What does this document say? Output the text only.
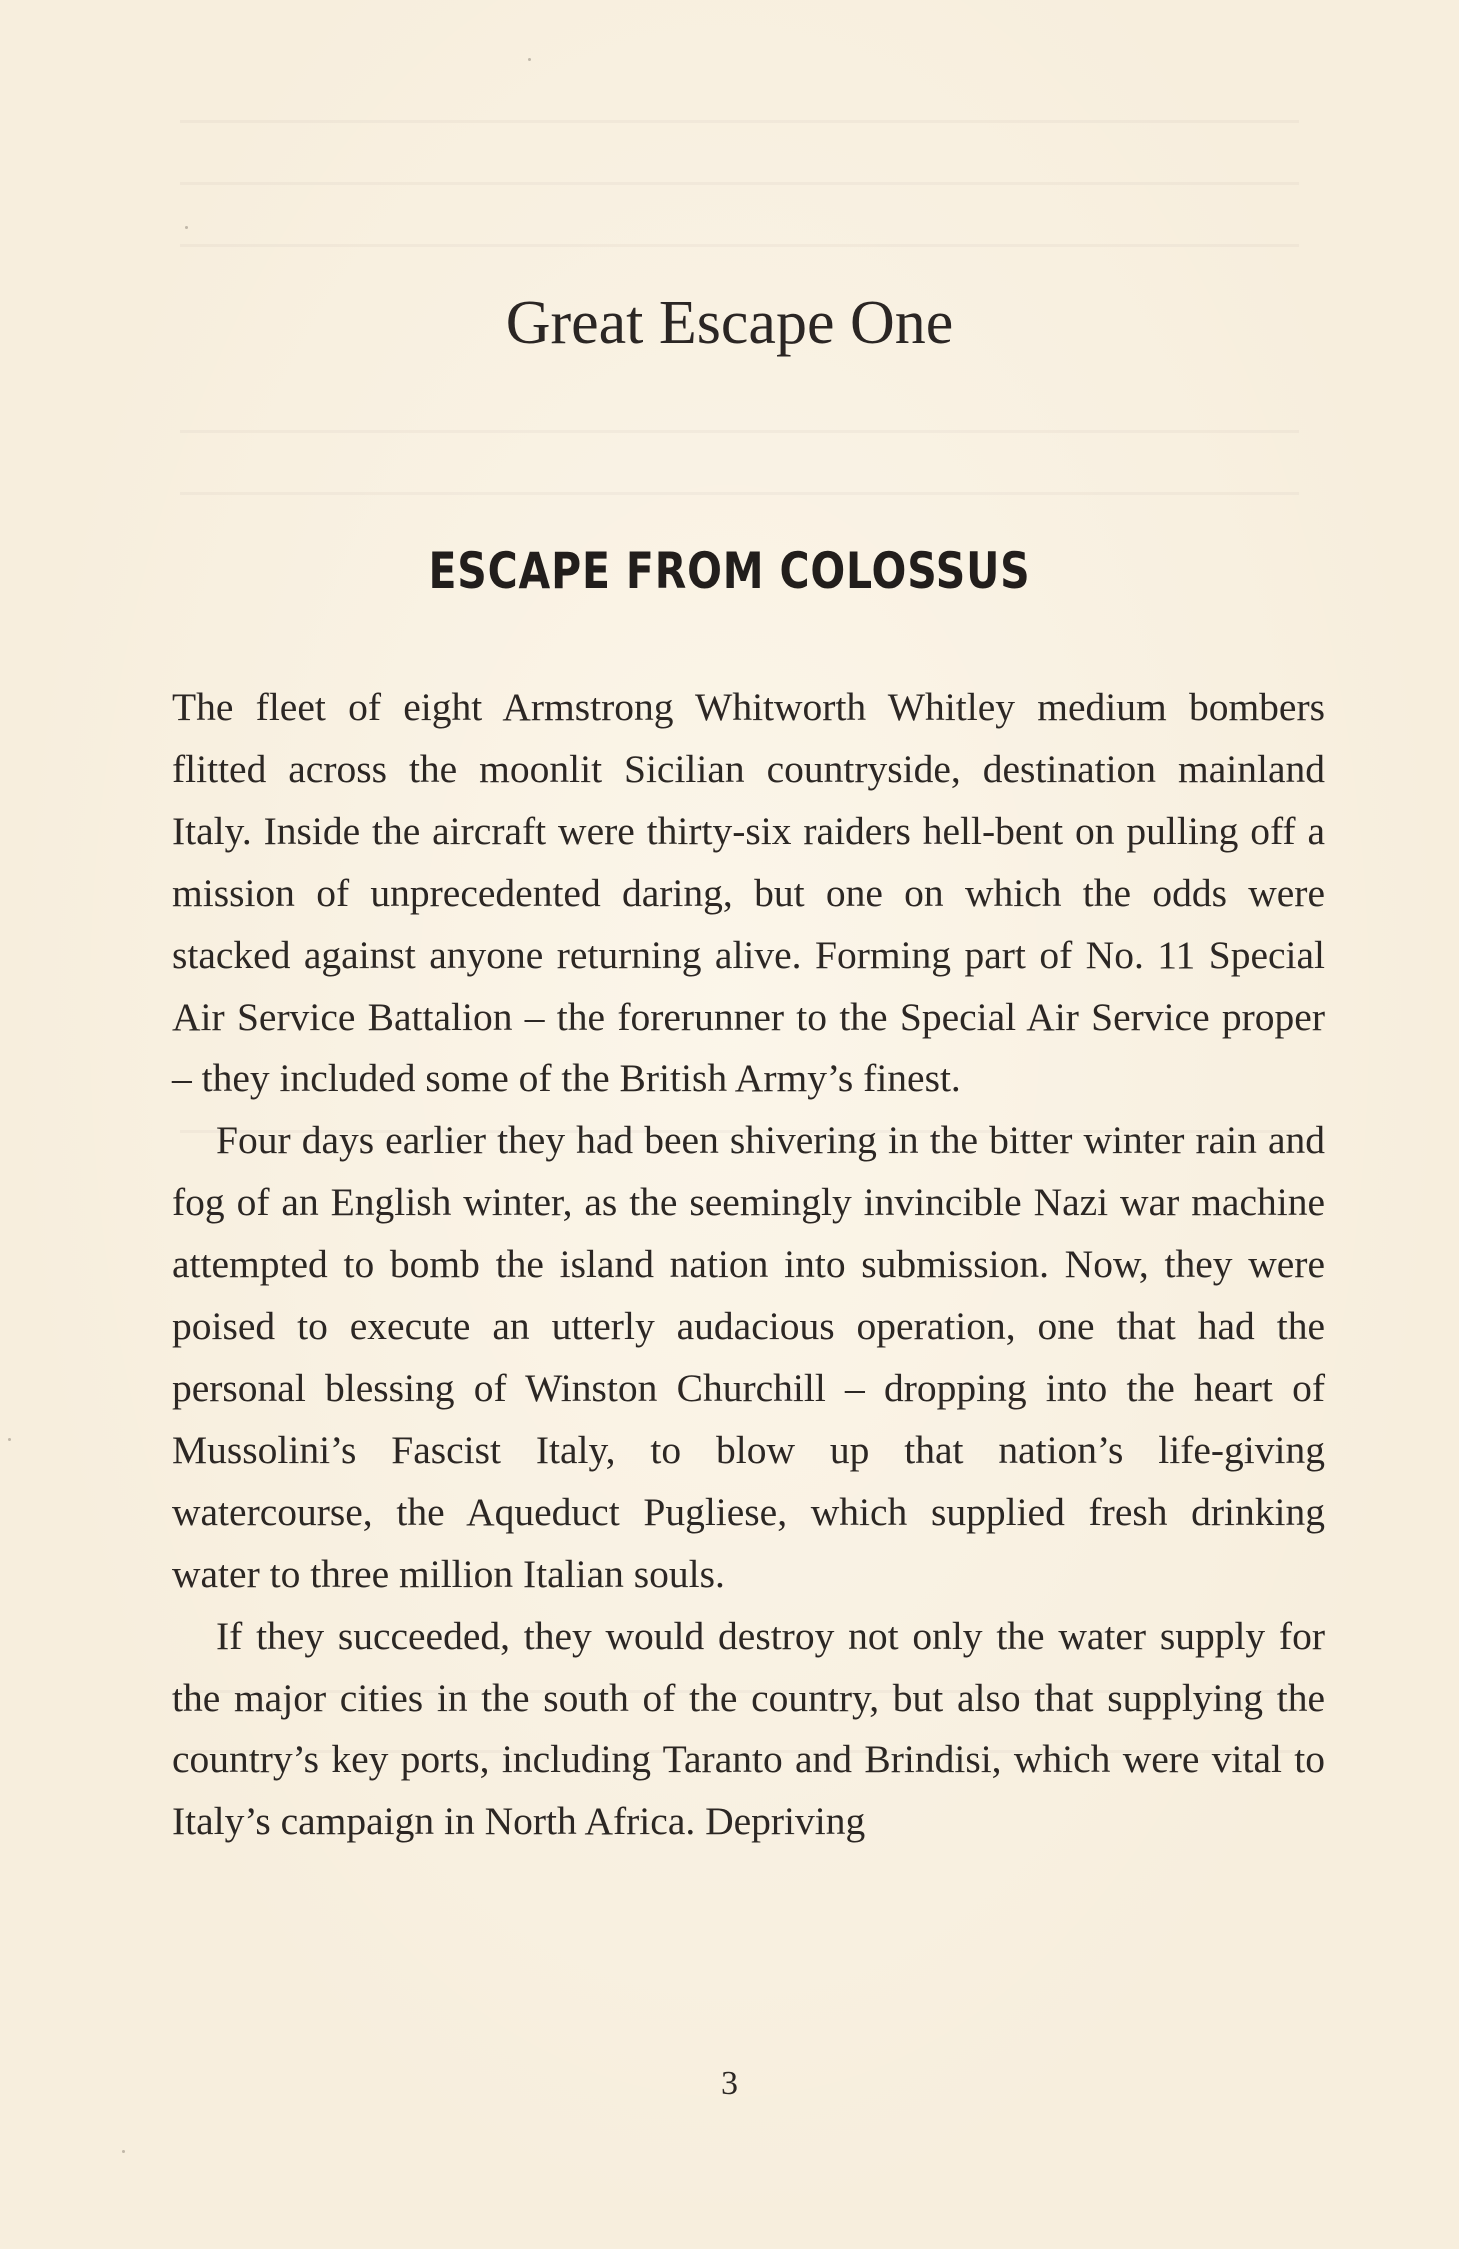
Great Escape One
ESCAPE FROM COLOSSUS

The fleet of eight Armstrong Whitworth Whitley medium bombers flitted across the moonlit Sicilian countryside, destination mainland Italy. Inside the aircraft were thirty-six raiders hell-bent on pulling off a mission of unprecedented daring, but one on which the odds were stacked against anyone returning alive. Forming part of No. 11 Special Air Service Battalion – the forerunner to the Special Air Service proper – they included some of the British Army’s finest.

Four days earlier they had been shivering in the bitter winter rain and fog of an English winter, as the seemingly invincible Nazi war machine attempted to bomb the island nation into submission. Now, they were poised to execute an utterly audacious operation, one that had the personal blessing of Winston Churchill – dropping into the heart of Mussolini’s Fascist Italy, to blow up that nation’s life-giving watercourse, the Aqueduct Pugliese, which supplied fresh drinking water to three million Italian souls.

If they succeeded, they would destroy not only the water supply for the major cities in the south of the country, but also that supplying the country’s key ports, including Taranto and Brindisi, which were vital to Italy’s campaign in North Africa. Depriving

3
